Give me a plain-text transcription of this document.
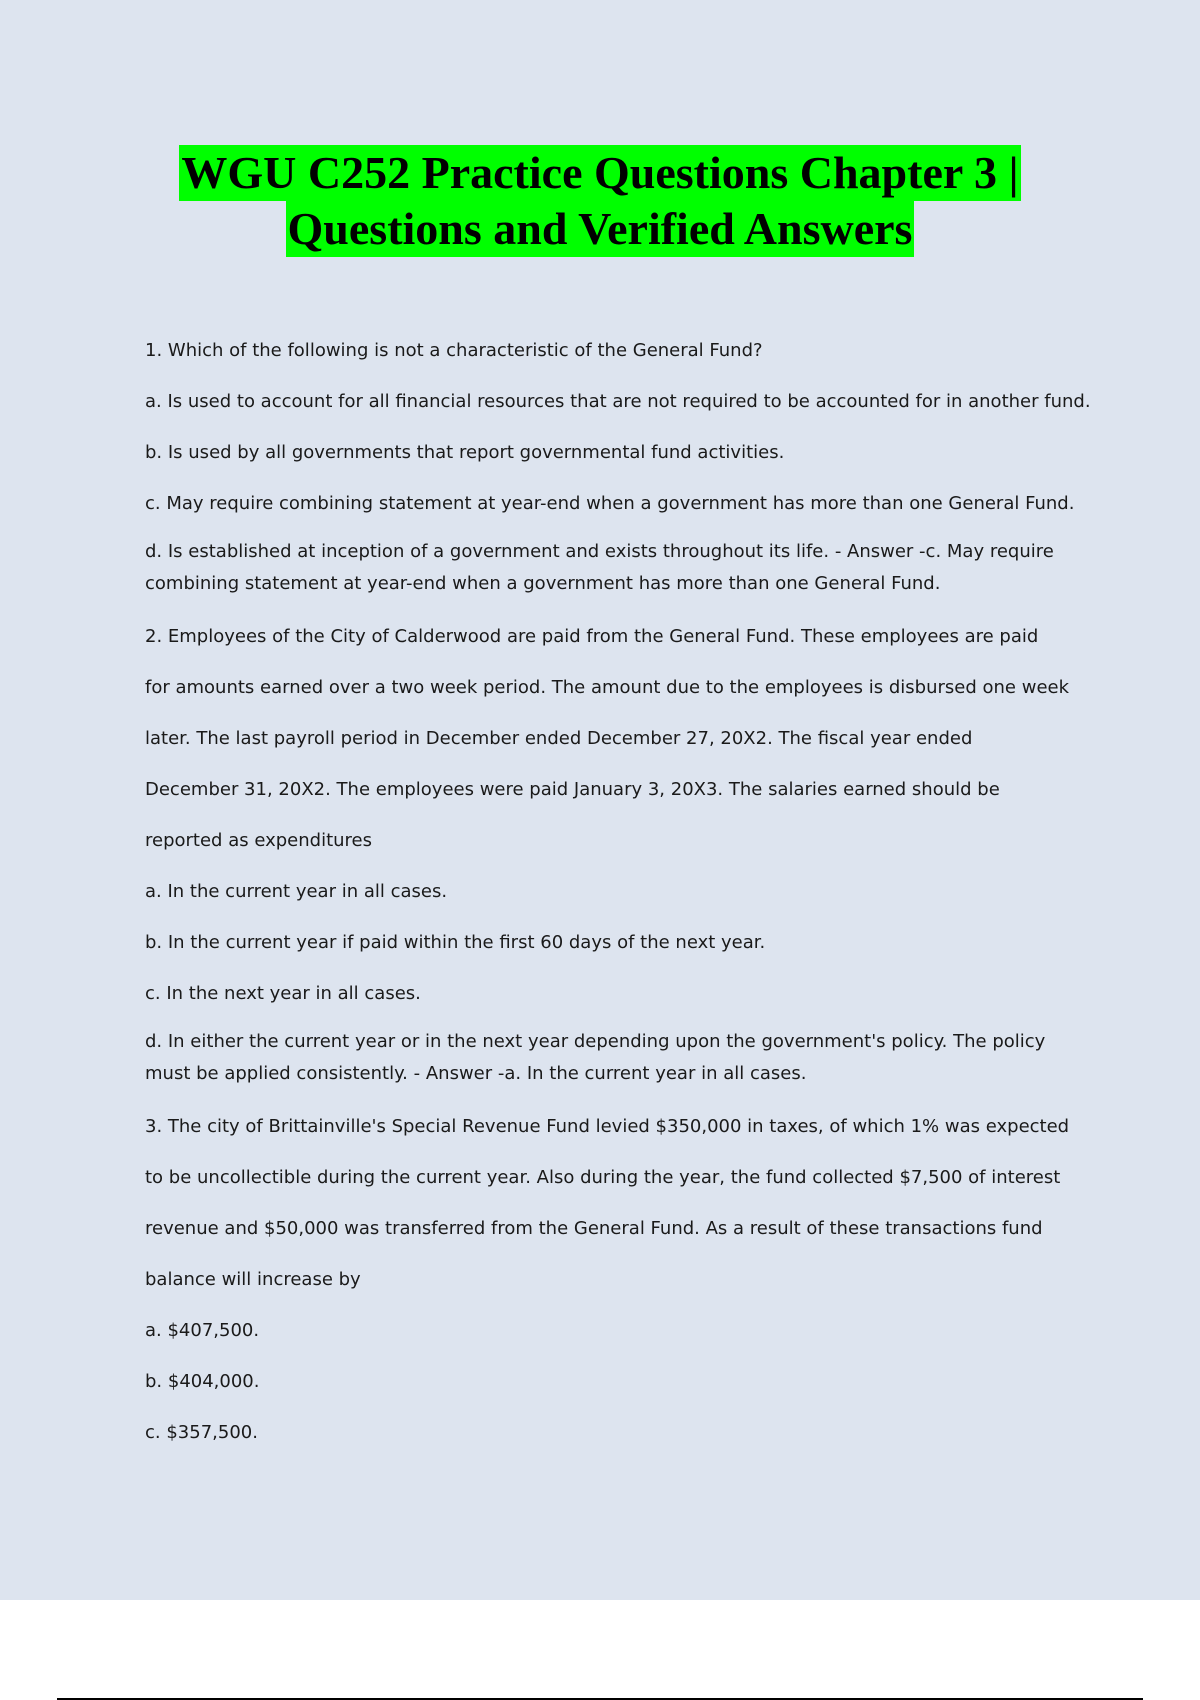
WGU C252 Practice Questions Chapter 3 |
Questions and Verified Answers
1. Which of the following is not a characteristic of the General Fund?
a. Is used to account for all financial resources that are not required to be accounted for in another fund.
b. Is used by all governments that report governmental fund activities.
c. May require combining statement at year-end when a government has more than one General Fund.
d. Is established at inception of a government and exists throughout its life. - Answer -c. May require
combining statement at year-end when a government has more than one General Fund.
2. Employees of the City of Calderwood are paid from the General Fund. These employees are paid
for amounts earned over a two week period. The amount due to the employees is disbursed one week
later. The last payroll period in December ended December 27, 20X2. The fiscal year ended
December 31, 20X2. The employees were paid January 3, 20X3. The salaries earned should be
reported as expenditures
a. In the current year in all cases.
b. In the current year if paid within the first 60 days of the next year.
c. In the next year in all cases.
d. In either the current year or in the next year depending upon the government's policy. The policy
must be applied consistently. - Answer -a. In the current year in all cases.
3. The city of Brittainville's Special Revenue Fund levied $350,000 in taxes, of which 1% was expected
to be uncollectible during the current year. Also during the year, the fund collected $7,500 of interest
revenue and $50,000 was transferred from the General Fund. As a result of these transactions fund
balance will increase by
a. $407,500.
b. $404,000.
c. $357,500.
